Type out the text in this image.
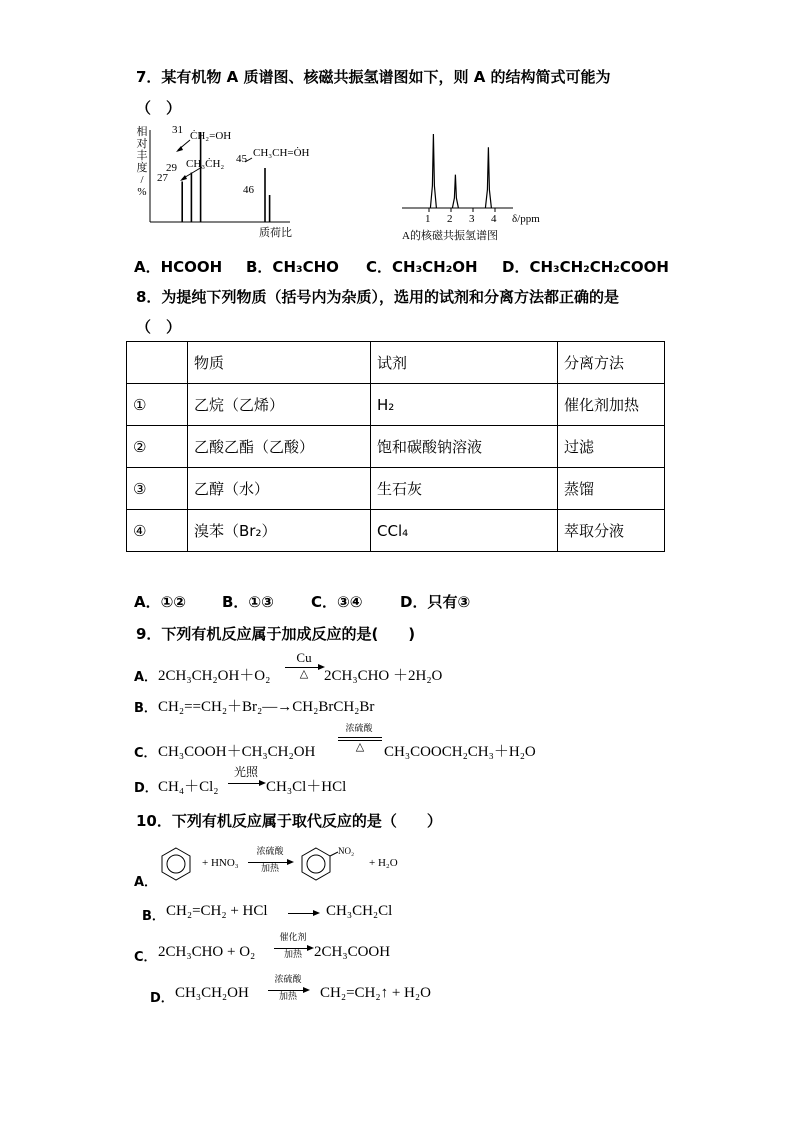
7．某有机物 A 质谱图、核磁共振氢谱图如下，则 A 的结构简式可能为
（　）
相
对
丰
度
/
%
27
29
31
45
46
ĊH₂=OH
CH₃ĊH₂
CH₃CH=ȮH
质荷比
1 2 3 4 δ/ppm
A的核磁共振氢谱图
A．HCOOH B．CH₃CHO C．CH₃CH₂OH D．CH₃CH₂CH₂COOH
8．为提纯下列物质（括号内为杂质），选用的试剂和分离方法都正确的是
（　）
	物质	试剂	分离方法
①	乙烷（乙烯）	H₂	催化剂加热
②	乙酸乙酯（乙酸）	饱和碳酸钠溶液	过滤
③	乙醇（水）	生石灰	蒸馏
④	溴苯（Br₂）	CCl₄	萃取分液
A．①② B．①③ C．③④	D．只有③
9．下列有机反应属于加成反应的是(　　)
A． 2CH₃CH₂OH＋O₂
Cu
△	2CH₃CHO ＋2H₂O
B． CH₂==CH₂＋Br₂—→CH₂BrCH₂Br
C． CH₃COOH＋CH₃CH₂OH
浓硫酸
△	CH₃COOCH₂CH₃＋H₂O
D． CH₄＋Cl₂
光照
CH₃Cl＋HCl
10．下列有机反应属于取代反应的是（　　）
A．
+ HNO₃
浓硫酸
加热
NO₂
+ H₂O
B． CH₂=CH₂ + HCl	CH₃CH₂Cl
C． 2CH₃CHO + O₂
催化剂
加热 2CH₃COOH
D． CH₃CH₂OH
浓硫酸
加热	CH₂=CH₂↑ + H₂O
